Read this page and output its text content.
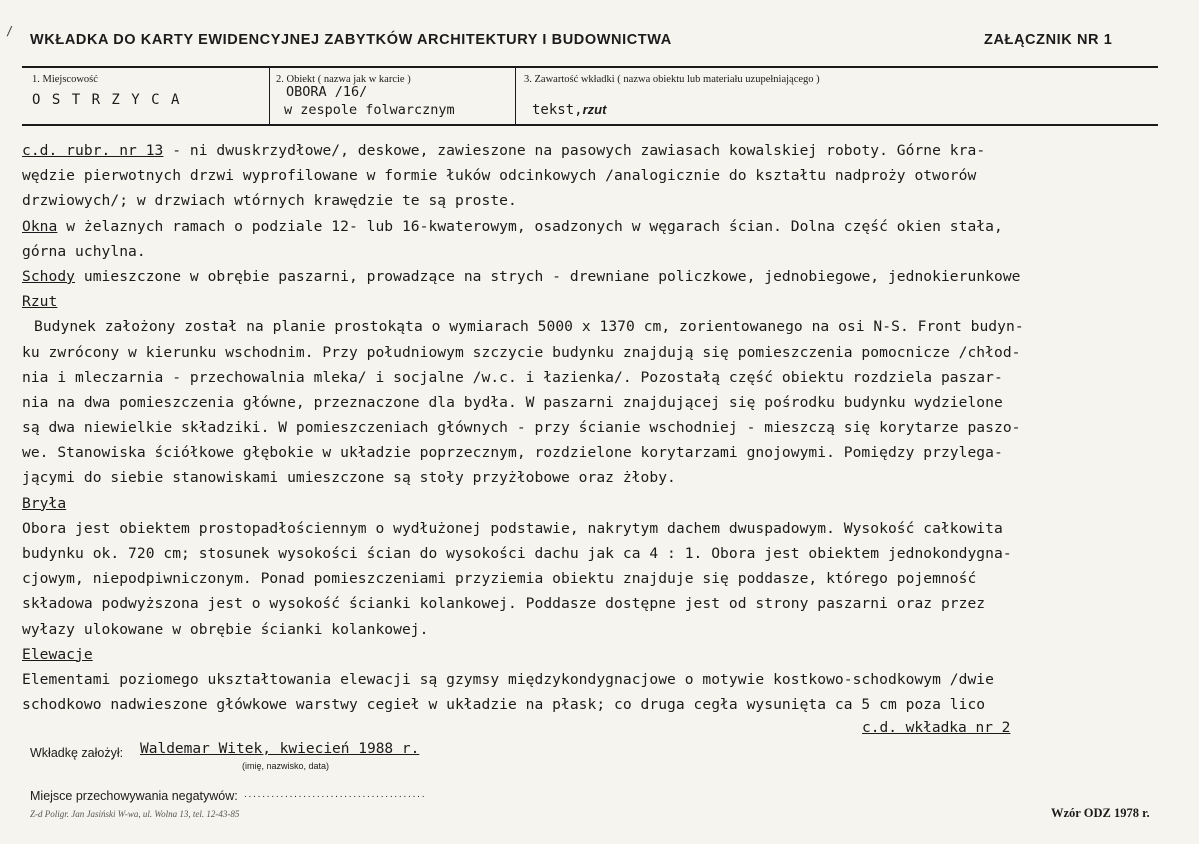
/
WKŁADKA DO KARTY EWIDENCYJNEJ ZABYTKÓW ARCHITEKTURY I BUDOWNICTWA	ZAŁĄCZNIK NR 1
1. Miejscowość
O S T R Z Y C A
2. Obiekt ( nazwa jak w karcie )
OBORA /16/
w zespole folwarcznym
3. Zawartość wkładki ( nazwa obiektu lub materiału uzupełniającego )
tekst,rzut
c.d. rubr. nr 13 - ni dwuskrzydłowe/, deskowe, zawieszone na pasowych zawiasach kowalskiej roboty. Górne kra-
wędzie pierwotnych drzwi wyprofilowane w formie łuków odcinkowych /analogicznie do kształtu nadproży otworów
drzwiowych/; w drzwiach wtórnych krawędzie te są proste.
Okna w żelaznych ramach o podziale 12- lub 16-kwaterowym, osadzonych w węgarach ścian. Dolna część okien stała,
górna uchylna.
Schody umieszczone w obrębie paszarni, prowadzące na strych - drewniane policzkowe, jednobiegowe, jednokierunkowe
Rzut
Budynek założony został na planie prostokąta o wymiarach 5000 x 1370 cm, zorientowanego na osi N-S. Front budyn-
ku zwrócony w kierunku wschodnim. Przy południowym szczycie budynku znajdują się pomieszczenia pomocnicze /chłod-
nia i mleczarnia - przechowalnia mleka/ i socjalne /w.c. i łazienka/. Pozostałą część obiektu rozdziela paszar-
nia na dwa pomieszczenia główne, przeznaczone dla bydła. W paszarni znajdującej się pośrodku budynku wydzielone
są dwa niewielkie składziki. W pomieszczeniach głównych - przy ścianie wschodniej - mieszczą się korytarze paszo-
we. Stanowiska ściółkowe głębokie w układzie poprzecznym, rozdzielone korytarzami gnojowymi. Pomiędzy przylega-
jącymi do siebie stanowiskami umieszczone są stoły przyżłobowe oraz żłoby.
Bryła
Obora jest obiektem prostopadłościennym o wydłużonej podstawie, nakrytym dachem dwuspadowym. Wysokość całkowita
budynku ok. 720 cm; stosunek wysokości ścian do wysokości dachu jak ca 4 : 1. Obora jest obiektem jednokondygna-
cjowym, niepodpiwniczonym. Ponad pomieszczeniami przyziemia obiektu znajduje się poddasze, którego pojemność
składowa podwyższona jest o wysokość ścianki kolankowej. Poddasze dostępne jest od strony paszarni oraz przez
wyłazy ulokowane w obrębie ścianki kolankowej.
Elewacje
Elementami poziomego ukształtowania elewacji są gzymsy międzykondygnacjowe o motywie kostkowo-schodkowym /dwie
schodkowo nadwieszone główkowe warstwy cegieł w układzie na płask; co druga cegła wysunięta ca 5 cm poza lico
c.d. wkładka nr 2
Wkładkę założył: Waldemar Witek, kwiecień 1988 r.
(imię, nazwisko, data)
Miejsce przechowywania negatywów: . . . . . . . . . . . . . . . . . . . . . . . . . . . . . . . . . . . . . . . .
Z-d Poligr. Jan Jasiński W-wa, ul. Wolna 13, tel. 12-43-85	Wzór ODZ 1978 r.
